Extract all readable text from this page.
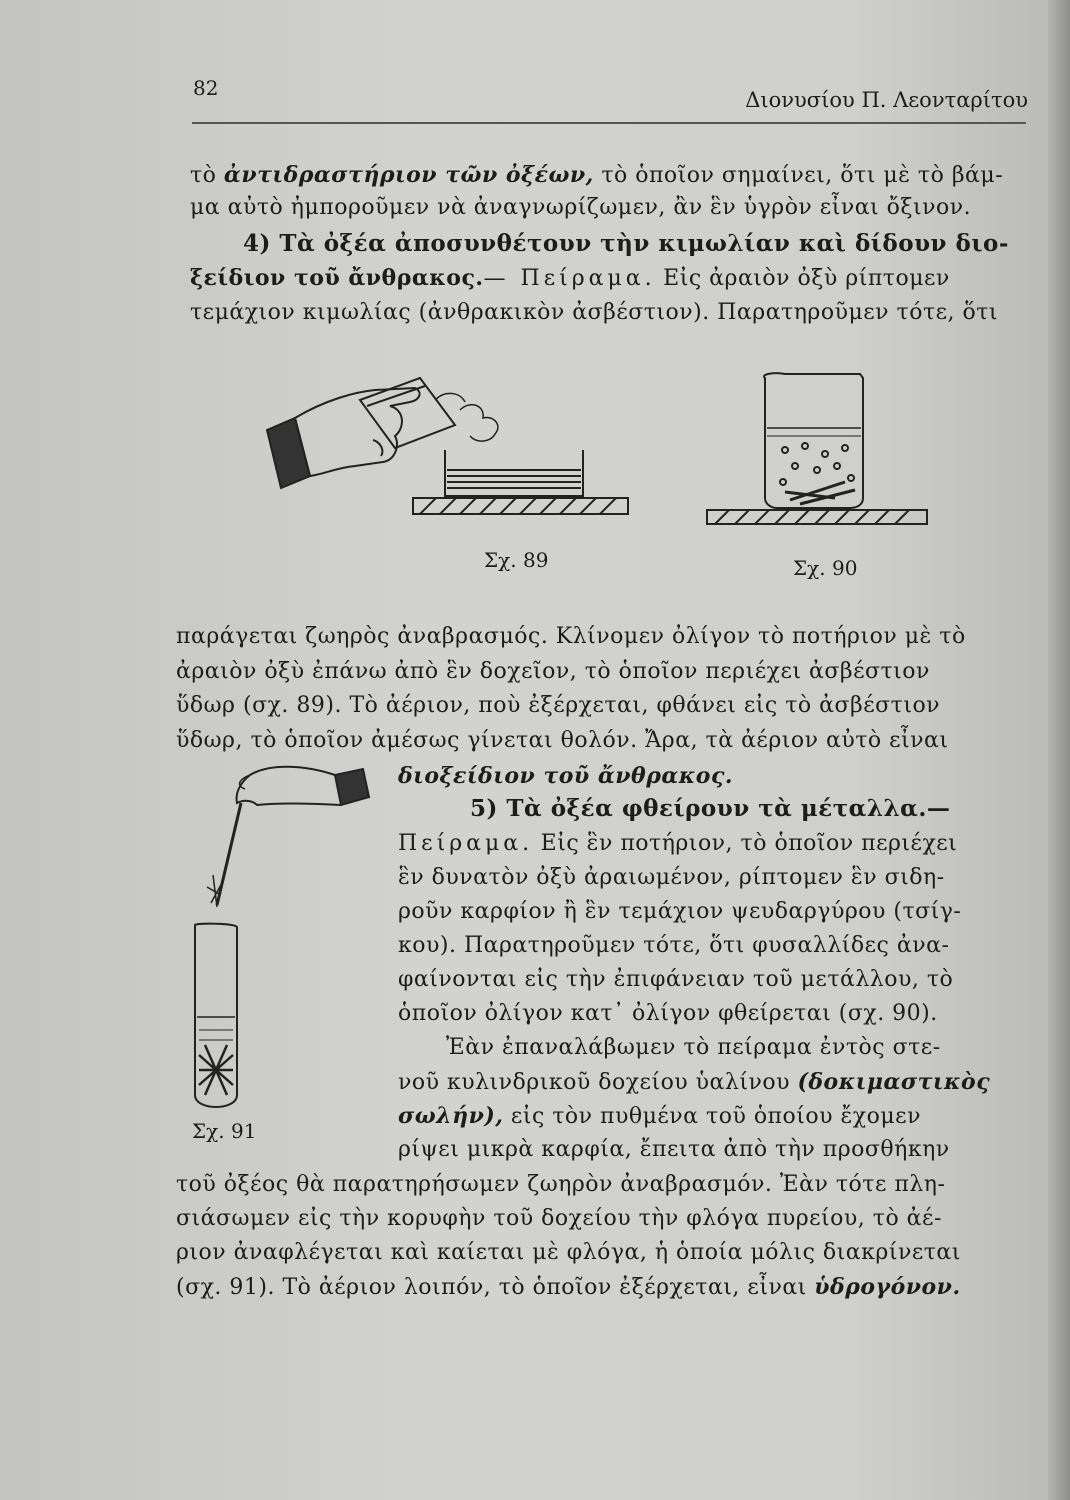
82	Διονυσίου Π. Λεονταρίτου
τὸ ἀντιδραστήριον τῶν ὀξέων, τὸ ὁποῖον σημαίνει, ὅτι μὲ τὸ βάμ-
μα αὐτὸ ἠμποροῦμεν νὰ ἀναγνωρίζωμεν, ἂν ἓν ὑγρὸν εἶναι ὄξινον.
4) Τὰ ὀξέα ἀποσυνθέτουν τὴν κιμωλίαν καὶ δίδουν διο-
ξείδιον τοῦ ἄνθρακος.— Πείραμα. Εἰς ἀραιὸν ὀξὺ ρίπτομεν
τεμάχιον κιμωλίας (ἀνθρακικὸν ἀσβέστιον). Παρατηροῦμεν τότε, ὅτι
Σχ. 89	Σχ. 90
παράγεται ζωηρὸς ἀναβρασμός. Κλίνομεν ὀλίγον τὸ ποτήριον μὲ τὸ
ἀραιὸν ὀξὺ ἐπάνω ἀπὸ ἓν δοχεῖον, τὸ ὁποῖον περιέχει ἀσβέστιον
ὕδωρ (σχ. 89). Τὸ ἀέριον, ποὺ ἐξέρχεται, φθάνει εἰς τὸ ἀσβέστιον
ὕδωρ, τὸ ὁποῖον ἀμέσως γίνεται θολόν. Ἄρα, τὰ ἀέριον αὐτὸ εἶναι
διοξείδιον τοῦ ἄνθρακος.
Σχ. 91
5) Τὰ ὀξέα φθείρουν τὰ μέταλλα.—
Πείραμα. Εἰς ἓν ποτήριον, τὸ ὁποῖον περιέχει
ἓν δυνατὸν ὀξὺ ἀραιωμένον, ρίπτομεν ἓν σιδη-
ροῦν καρφίον ἢ ἓν τεμάχιον ψευδαργύρου (τσίγ-
κου). Παρατηροῦμεν τότε, ὅτι φυσαλλίδες ἀνα-
φαίνονται εἰς τὴν ἐπιφάνειαν τοῦ μετάλλου, τὸ
ὁποῖον ὀλίγον κατ᾿ ὀλίγον φθείρεται (σχ. 90).
Ἐὰν ἐπαναλάβωμεν τὸ πείραμα ἐντὸς στε-
νοῦ κυλινδρικοῦ δοχείου ὑαλίνου (δοκιμαστικὸς
σωλήν), εἰς τὸν πυθμένα τοῦ ὁποίου ἔχομεν
ρίψει μικρὰ καρφία, ἔπειτα ἀπὸ τὴν προσθήκην
τοῦ ὀξέος θὰ παρατηρήσωμεν ζωηρὸν ἀναβρασμόν. Ἐὰν τότε πλη-
σιάσωμεν εἰς τὴν κορυφὴν τοῦ δοχείου τὴν φλόγα πυρείου, τὸ ἀέ-
ριον ἀναφλέγεται καὶ καίεται μὲ φλόγα, ἡ ὁποία μόλις διακρίνεται
(σχ. 91). Τὸ ἀέριον λοιπόν, τὸ ὁποῖον ἐξέρχεται, εἶναι ὑδρογόνον.
